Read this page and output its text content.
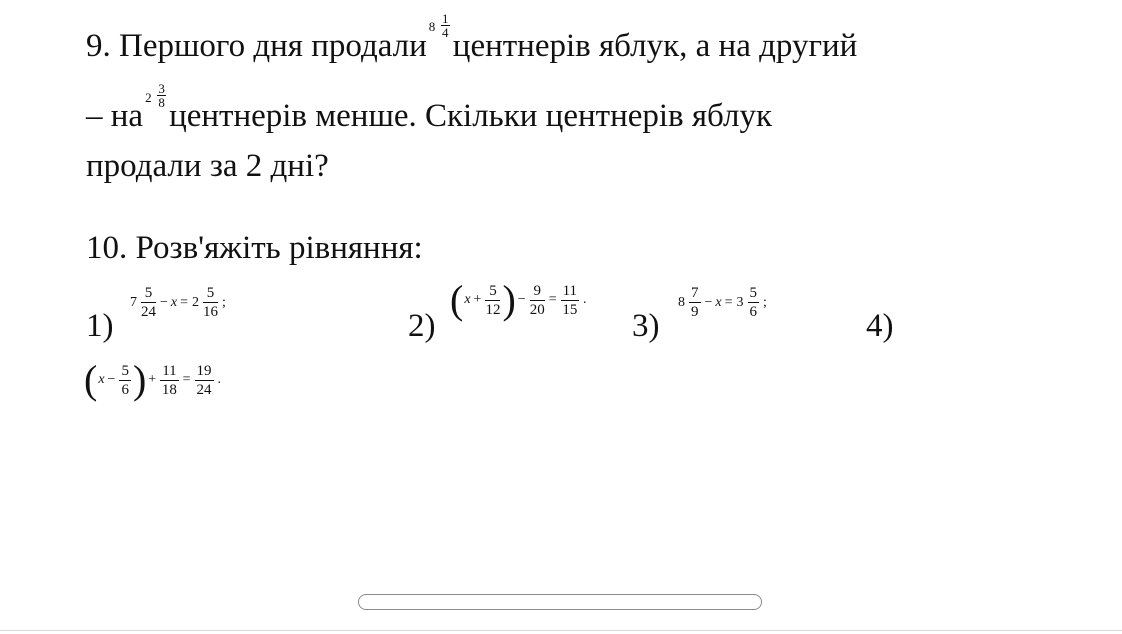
9. Першого дня продали
$8 \frac{1}{4}$
центнерів яблук, а на другий
– на
$2 \frac{3}{8}$
центнерів менше. Скільки центнерів яблук
продали за 2 дні?
10. Розв'яжіть рівняння:
1)
$7 \frac{5}{24} - x = 2 \frac{5}{16}$ ;
2)
($x + \frac{5}{12}$ ) − $\frac{9}{20} = \frac{11}{15}$ .
3)
$8 \frac{7}{9} - x = 3 \frac{5}{6}$ ;
4)
($x - \frac{5}{6}$ ) + $\frac{11}{18} = \frac{19}{24}$ .
